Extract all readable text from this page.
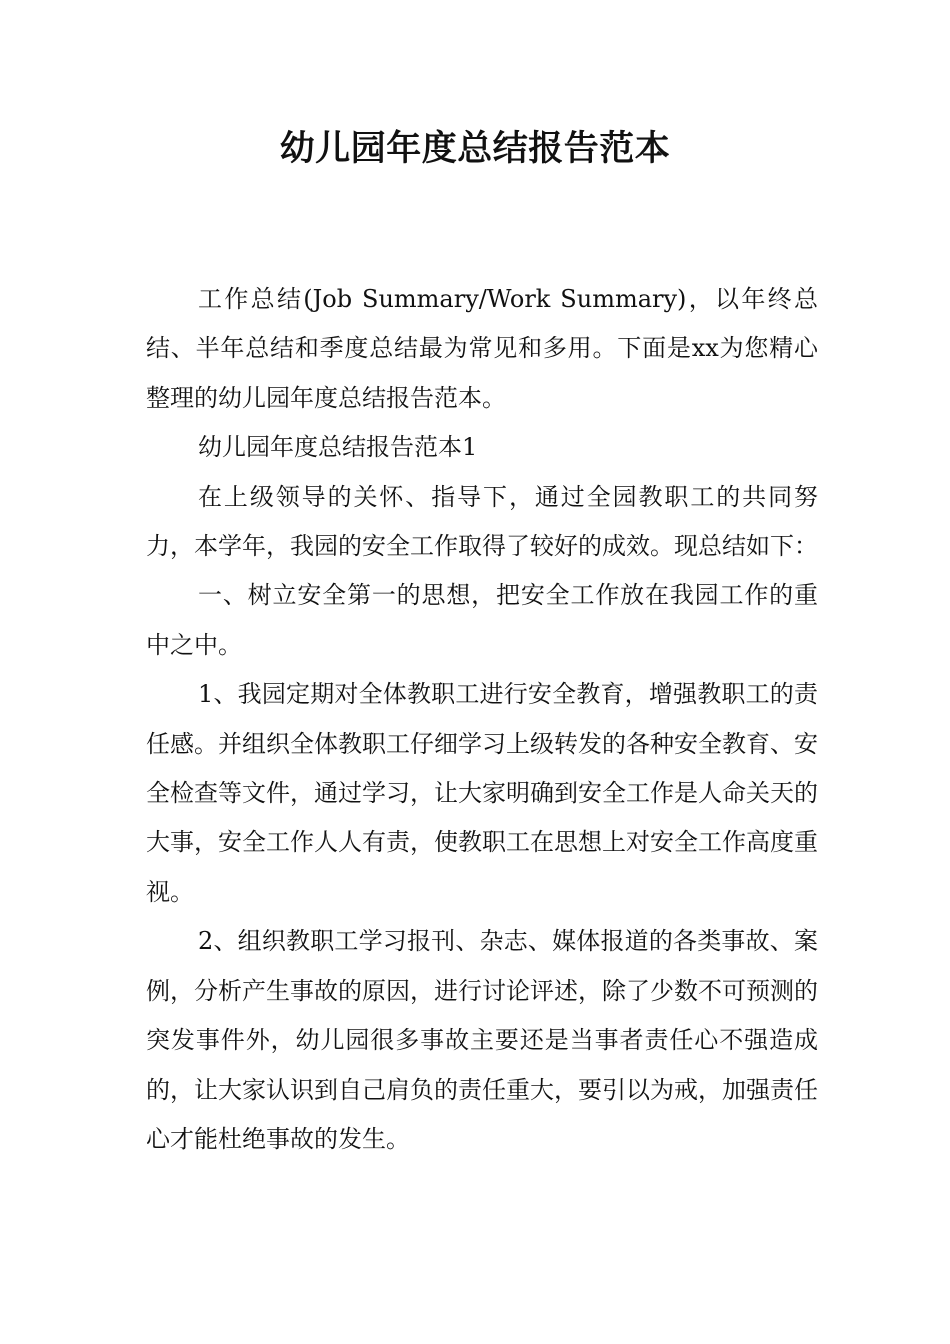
幼儿园年度总结报告范本

工作总结(Job Summary/Work Summary)，以年终总结、半年总结和季度总结最为常见和多用。下面是xx为您精心整理的幼儿园年度总结报告范本。

幼儿园年度总结报告范本1

在上级领导的关怀、指导下，通过全园教职工的共同努力，本学年，我园的安全工作取得了较好的成效。现总结如下：

一、树立安全第一的思想，把安全工作放在我园工作的重中之中。

1、我园定期对全体教职工进行安全教育，增强教职工的责任感。并组织全体教职工仔细学习上级转发的各种安全教育、安全检查等文件，通过学习，让大家明确到安全工作是人命关天的大事，安全工作人人有责，使教职工在思想上对安全工作高度重视。

2、组织教职工学习报刊、杂志、媒体报道的各类事故、案例，分析产生事故的原因，进行讨论评述，除了少数不可预测的突发事件外，幼儿园很多事故主要还是当事者责任心不强造成的，让大家认识到自己肩负的责任重大，要引以为戒，加强责任心才能杜绝事故的发生。
